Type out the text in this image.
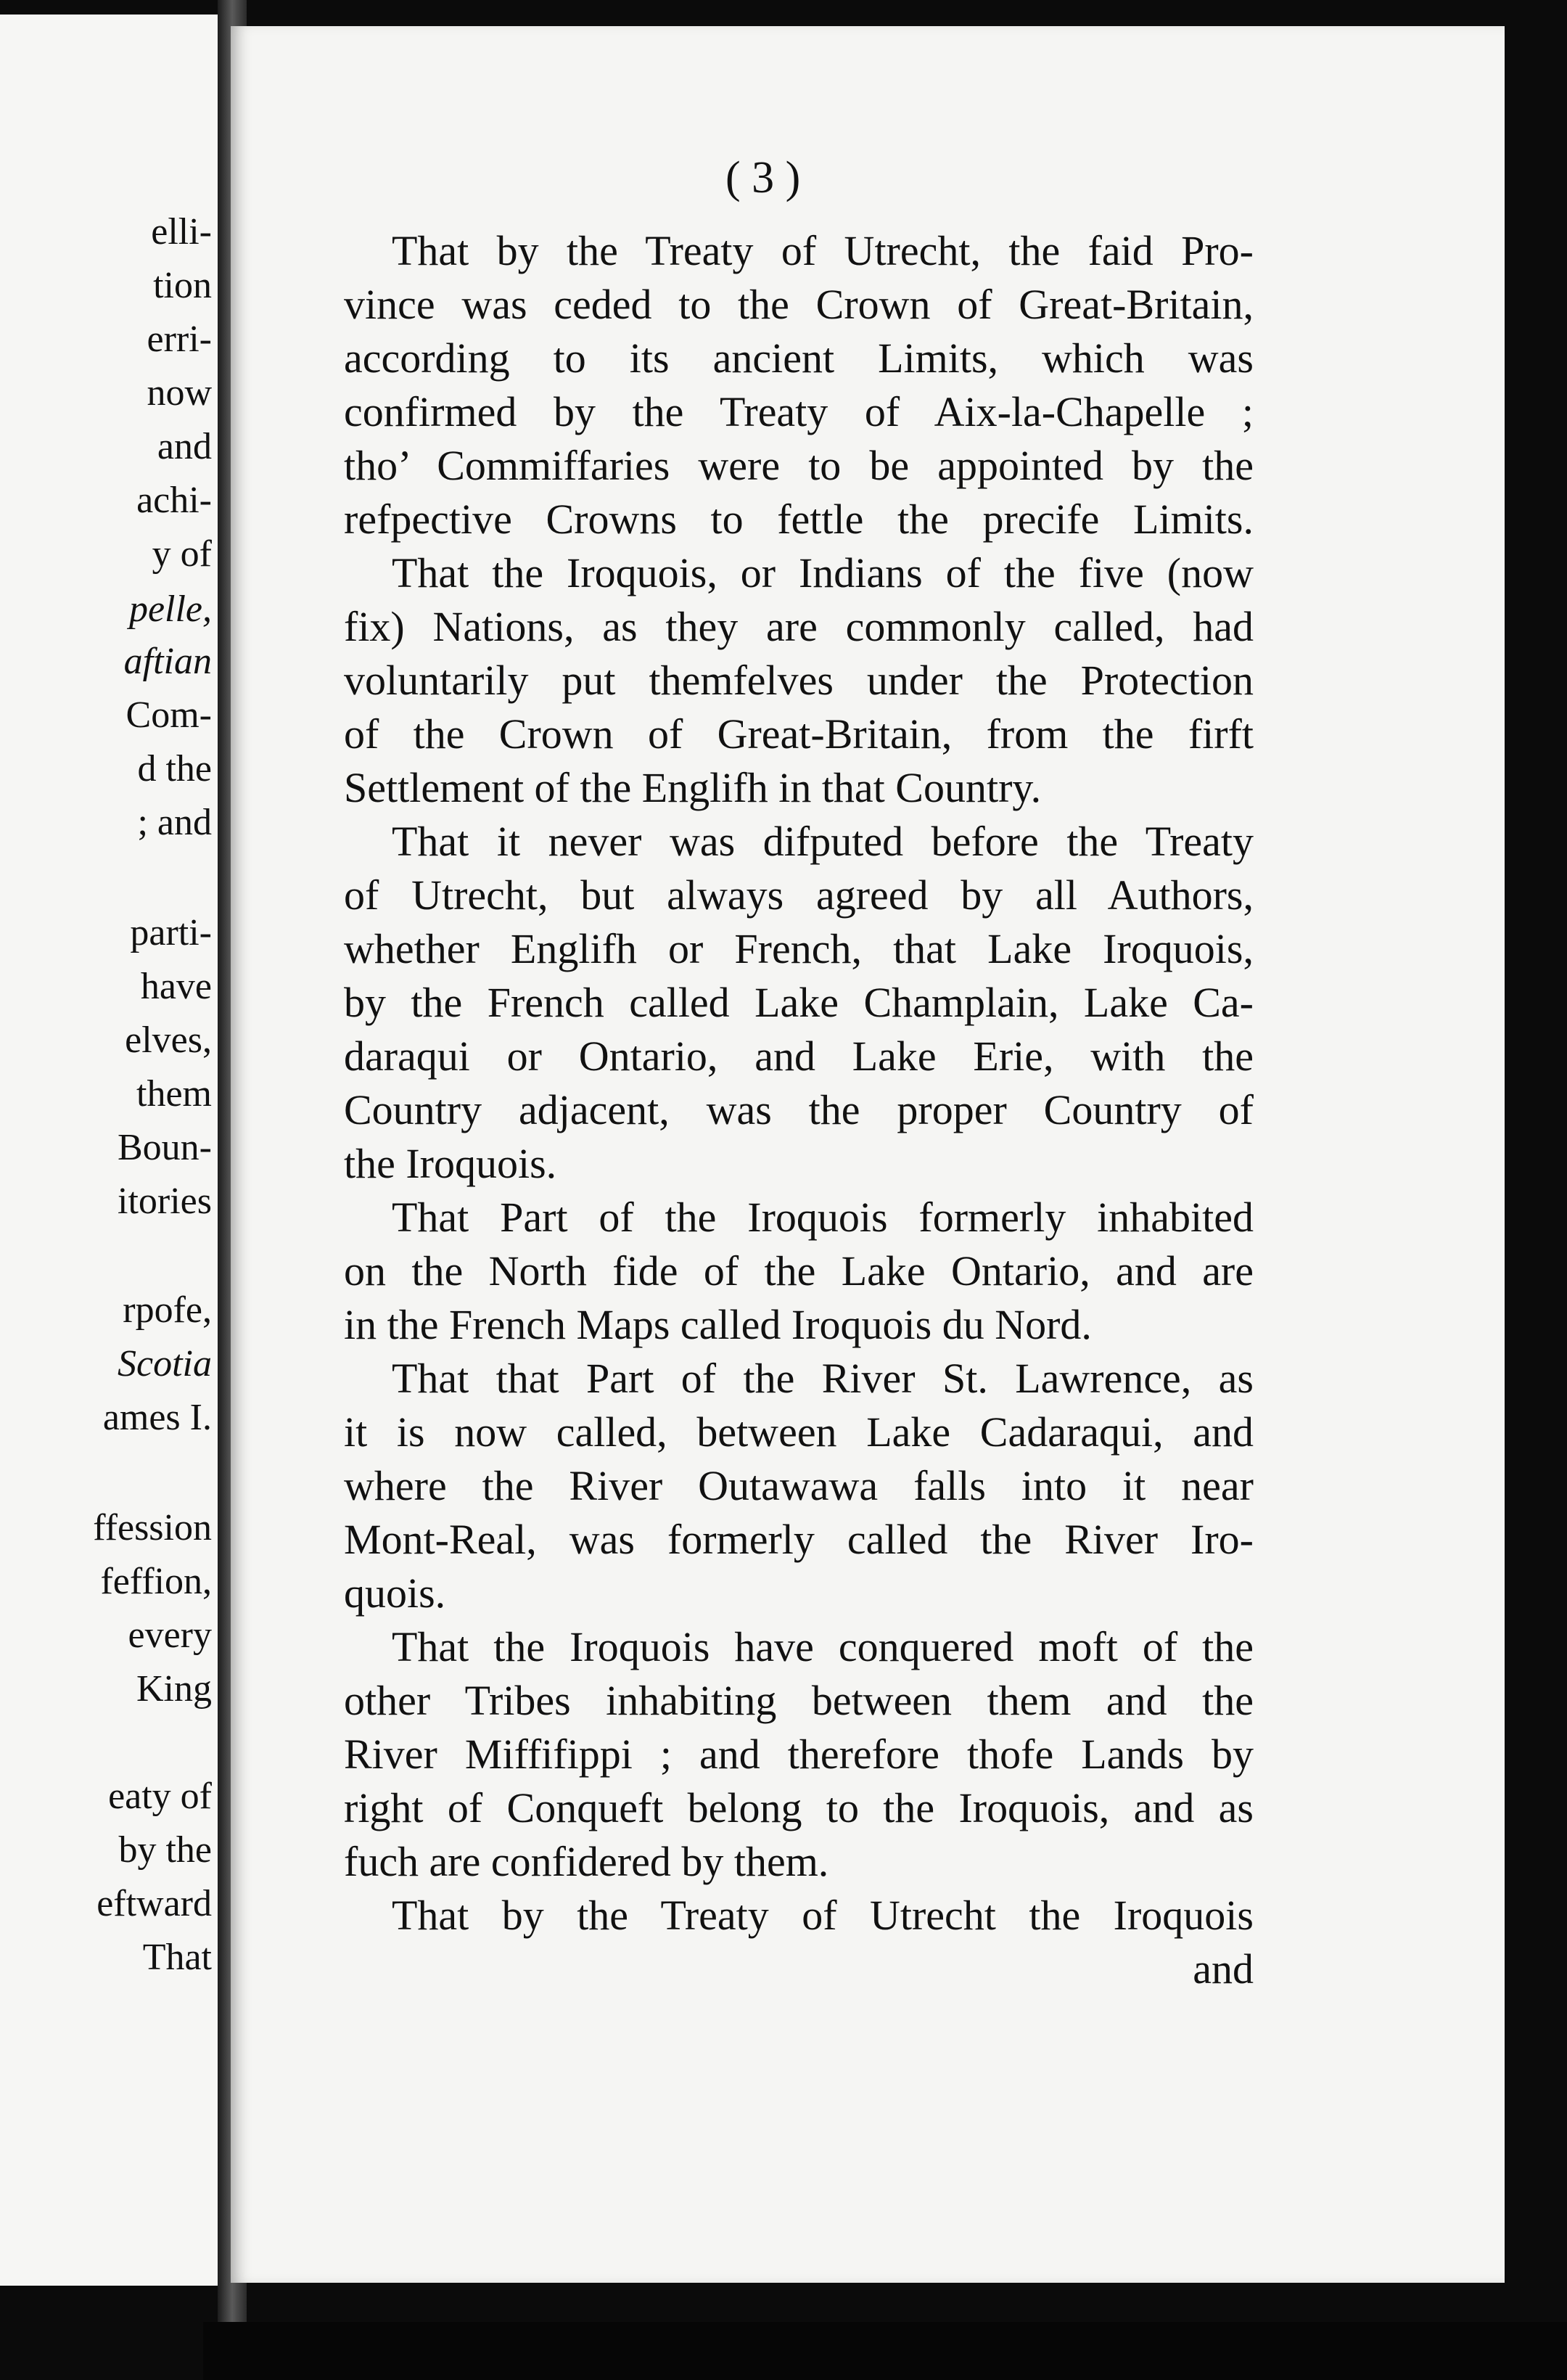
elli-
tion
erri-
now
and
achi-
y of
pelle,
aftian
Com-
d the
; and
parti-
have
elves,
them
Boun-
itories
rpofe,
Scotia
ames I.
ffession
feffion,
every
King
eaty of
by the
eftward
That
( 3 )
That by the Treaty of Utrecht, the faid Pro-
vince was ceded to the Crown of Great-Britain,
according to its ancient Limits, which was
confirmed by the Treaty of Aix-la-Chapelle ;
tho’ Commiffaries were to be appointed by the
refpective Crowns to fettle the precife Limits.
That the Iroquois, or Indians of the five (now
fix) Nations, as they are commonly called, had
voluntarily put themfelves under the Protection
of the Crown of Great-Britain, from the firft
Settlement of the Englifh in that Country.
That it never was difputed before the Treaty
of Utrecht, but always agreed by all Authors,
whether Englifh or French, that Lake Iroquois,
by the French called Lake Champlain, Lake Ca-
daraqui or Ontario, and Lake Erie, with the
Country adjacent, was the proper Country of
the Iroquois.
That Part of the Iroquois formerly inhabited
on the North fide of the Lake Ontario, and are
in the French Maps called Iroquois du Nord.
That that Part of the River St. Lawrence, as
it is now called, between Lake Cadaraqui, and
where the River Outawawa falls into it near
Mont-Real, was formerly called the River Iro-
quois.
That the Iroquois have conquered moft of the
other Tribes inhabiting between them and the
River Miffifippi ; and therefore thofe Lands by
right of Conqueft belong to the Iroquois, and as
fuch are confidered by them.
That by the Treaty of Utrecht the Iroquois
and
